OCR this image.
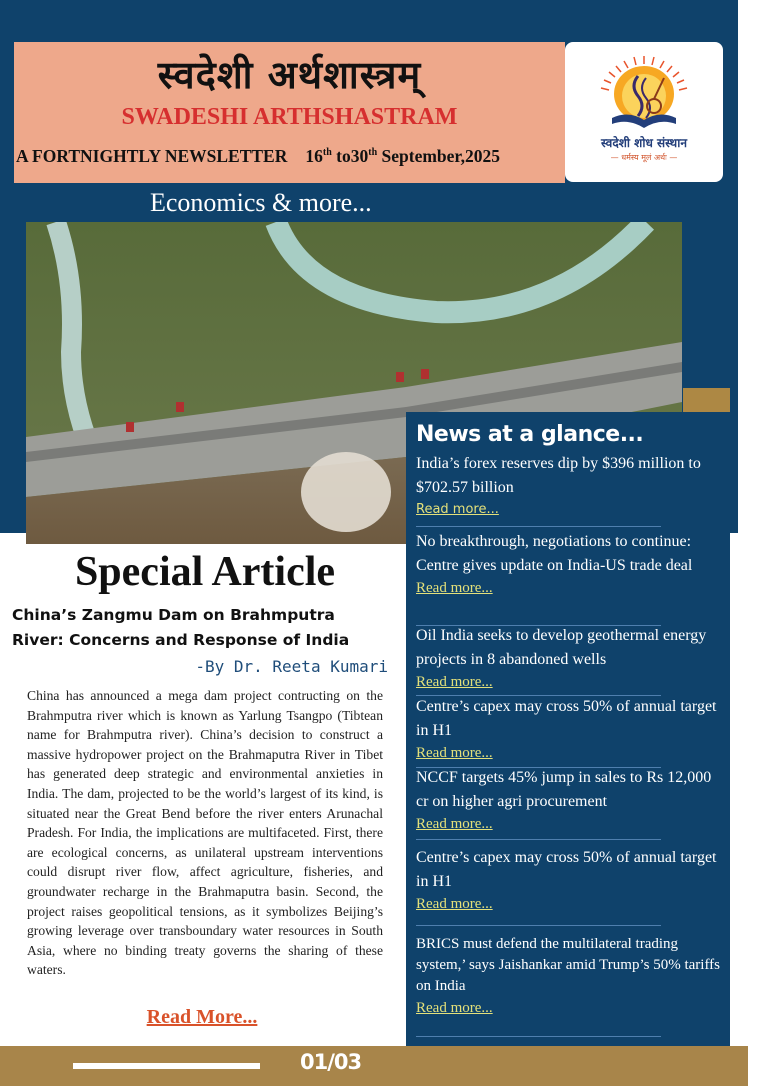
स्वदेशी अर्थशास्त्रम्
SWADESHI ARTHSHASTRAM
A FORTNIGHTLY NEWSLETTER 16th to30th September,2025
स्वदेशी शोध संस्थान
— धर्मस्य मूलं अर्थः —
Economics & more...
News at a glance...
India’s forex reserves dip by $396 million to $702.57 billion
Read more...
No breakthrough, negotiations to continue: Centre gives update on India-US trade deal
Read more...
Oil India seeks to develop geothermal energy projects in 8 abandoned wells
Read more...
Centre’s capex may cross 50% of annual target in H1
Read more...
NCCF targets 45% jump in sales to Rs 12,000 cr on higher agri procurement
Read more...
Centre’s capex may cross 50% of annual target in H1
Read more...
BRICS must defend the multilateral trading system,’ says Jaishankar amid Trump’s 50% tariffs on India
Read more...
Special Article
China’s Zangmu Dam on Brahmputra
River: Concerns and Response of India
-By Dr. Reeta Kumari
China has announced a mega dam project contructing on the Brahmputra river which is known as Yarlung Tsangpo (Tibtean name for Brahmputra river). China’s decision to construct a massive hydropower project on the Brahmaputra River in Tibet has generated deep strategic and environmental anxieties in India. The dam, projected to be the world’s largest of its kind, is situated near the Great Bend before the river enters Arunachal Pradesh. For India, the implications are multifaceted. First, there are ecological concerns, as unilateral upstream interventions could disrupt river flow, affect agriculture, fisheries, and groundwater recharge in the Brahmaputra basin. Second, the project raises geopolitical tensions, as it symbolizes Beijing’s growing leverage over transboundary water resources in South Asia, where no binding treaty governs the sharing of these waters.
Read More...
01/03
